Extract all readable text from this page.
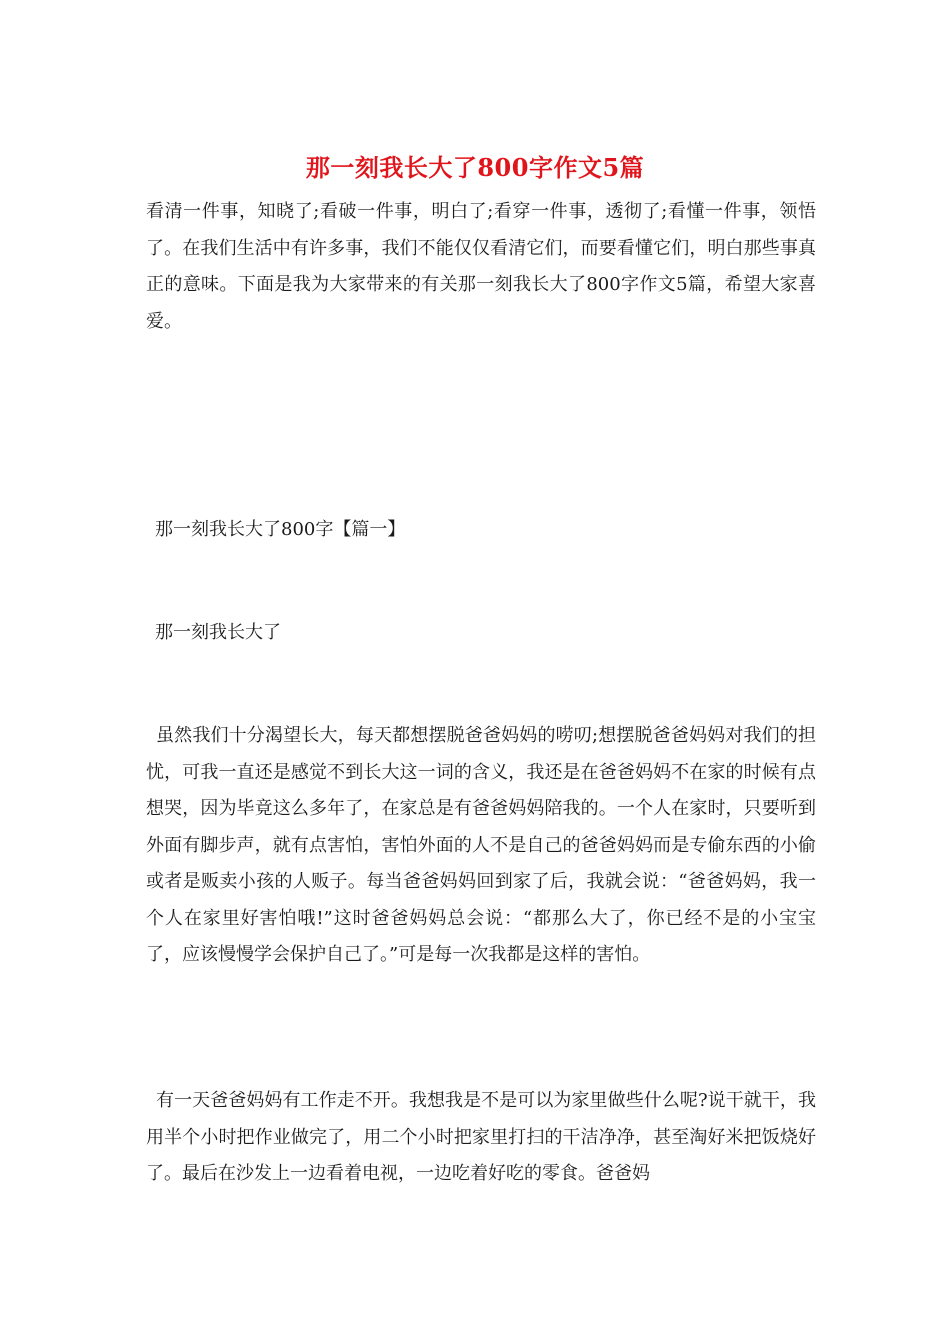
那一刻我长大了800字作文5篇

看清一件事，知晓了;看破一件事，明白了;看穿一件事，透彻了;看懂一件事，领悟了。在我们生活中有许多事，我们不能仅仅看清它们，而要看懂它们，明白那些事真正的意味。下面是我为大家带来的有关那一刻我长大了800字作文5篇，希望大家喜爱。

那一刻我长大了800字【篇一】

那一刻我长大了

虽然我们十分渴望长大，每天都想摆脱爸爸妈妈的唠叨;想摆脱爸爸妈妈对我们的担忧，可我一直还是感觉不到长大这一词的含义，我还是在爸爸妈妈不在家的时候有点想哭，因为毕竟这么多年了，在家总是有爸爸妈妈陪我的。一个人在家时，只要听到外面有脚步声，就有点害怕，害怕外面的人不是自己的爸爸妈妈而是专偷东西的小偷或者是贩卖小孩的人贩子。每当爸爸妈妈回到家了后，我就会说：“爸爸妈妈，我一个人在家里好害怕哦!”这时爸爸妈妈总会说：“都那么大了，你已经不是的小宝宝了，应该慢慢学会保护自己了。”可是每一次我都是这样的害怕。

有一天爸爸妈妈有工作走不开。我想我是不是可以为家里做些什么呢?说干就干，我用半个小时把作业做完了，用二个小时把家里打扫的干洁净净，甚至淘好米把饭烧好了。最后在沙发上一边看着电视，一边吃着好吃的零食。爸爸妈
